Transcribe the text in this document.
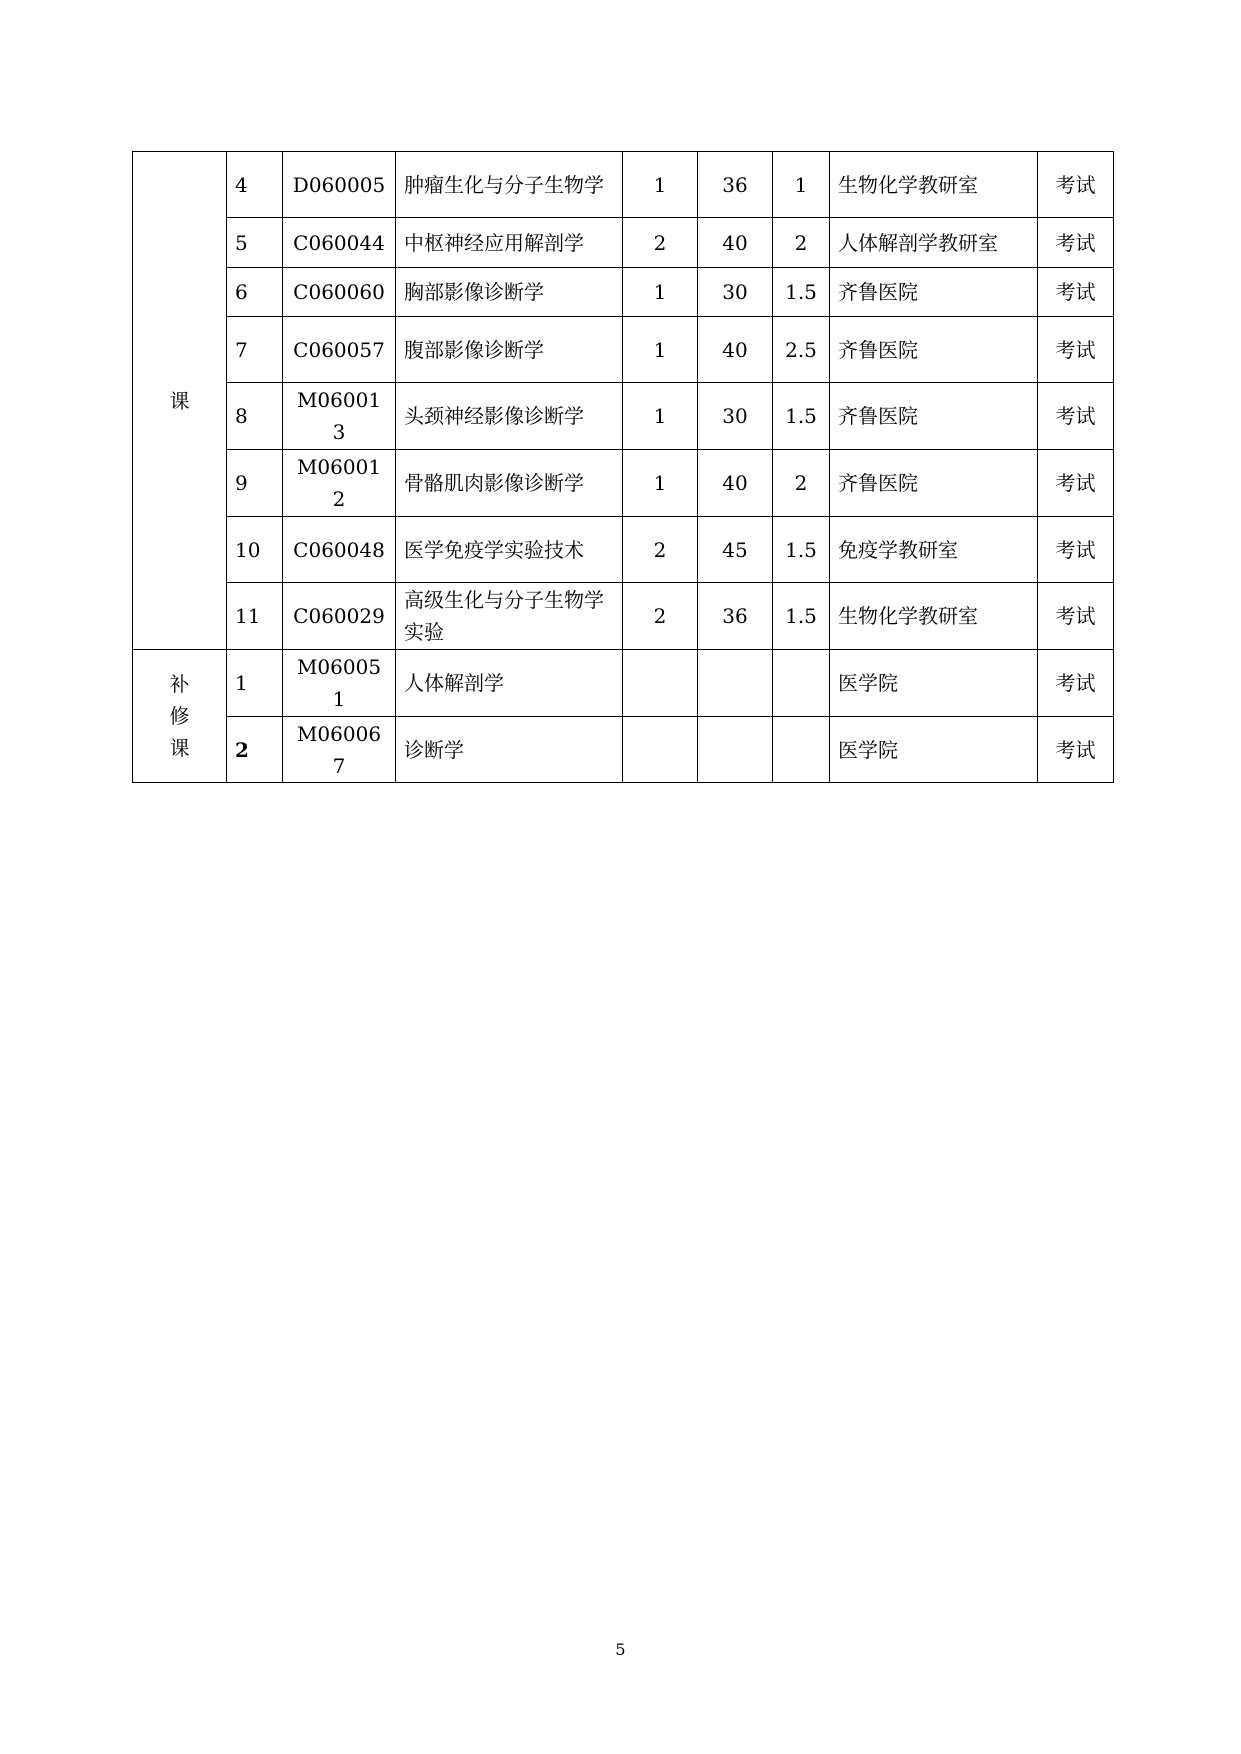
课	4	D060005	肿瘤生化与分子生物学	1	36	1	生物化学教研室	考试
	5	C060044	中枢神经应用解剖学	2	40	2	人体解剖学教研室	考试
	6	C060060	胸部影像诊断学	1	30	1.5	齐鲁医院	考试
	7	C060057	腹部影像诊断学	1	40	2.5	齐鲁医院	考试
	8	M060013	头颈神经影像诊断学	1	30	1.5	齐鲁医院	考试
	9	M060012	骨骼肌肉影像诊断学	1	40	2	齐鲁医院	考试
	10	C060048	医学免疫学实验技术	2	45	1.5	免疫学教研室	考试
	11	C060029	高级生化与分子生物学实验	2	36	1.5	生物化学教研室	考试

补
修
课	1	M060051	人体解剖学				医学院	考试
	2	M060067	诊断学				医学院	考试
5
